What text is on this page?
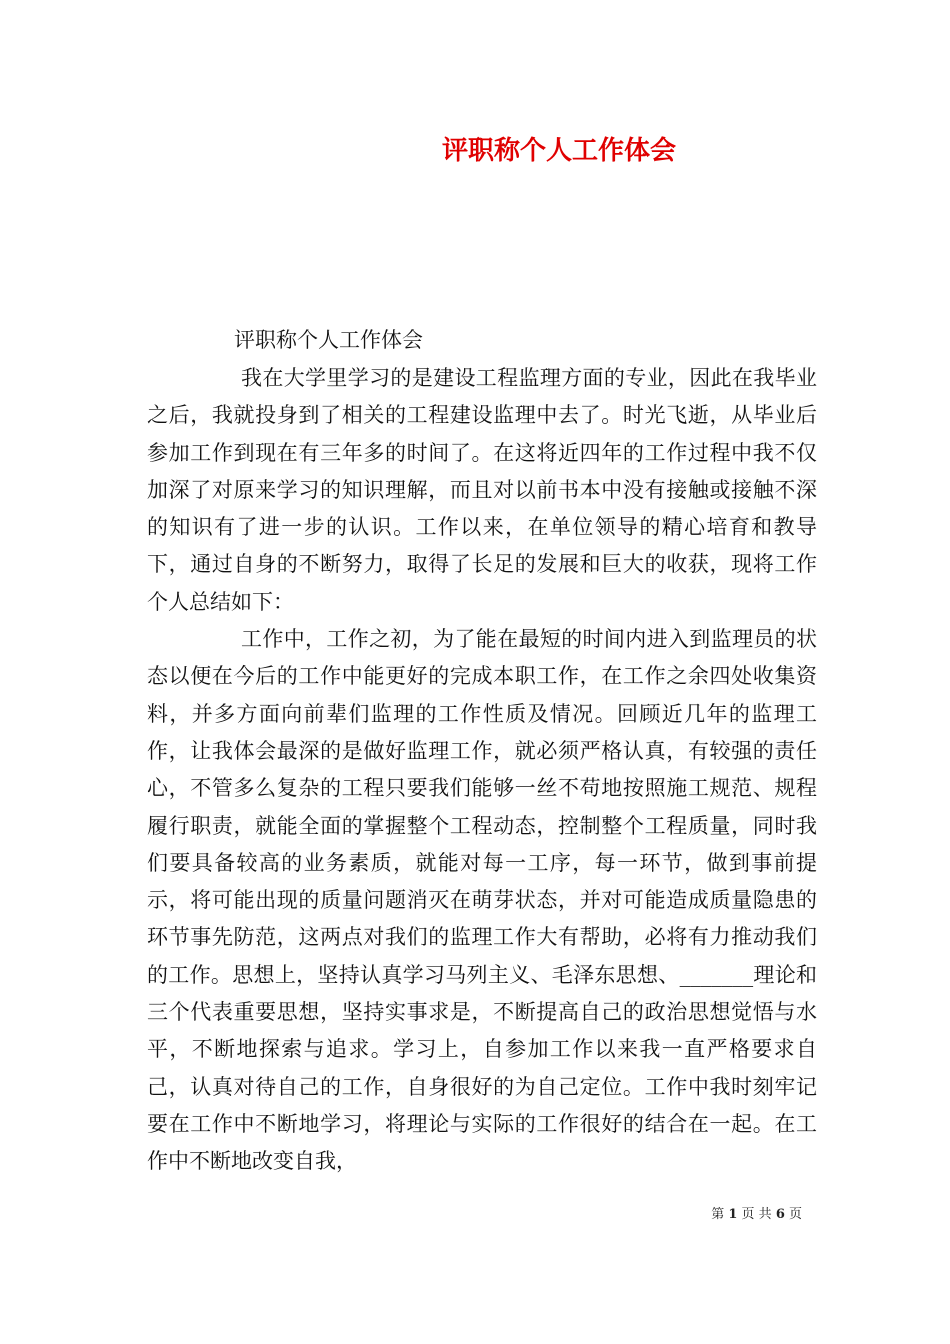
评职称个人工作体会
评职称个人工作体会

我在大学里学习的是建设工程监理方面的专业，因此在我毕业之后，我就投身到了相关的工程建设监理中去了。时光飞逝，从毕业后参加工作到现在有三年多的时间了。在这将近四年的工作过程中我不仅加深了对原来学习的知识理解，而且对以前书本中没有接触或接触不深的知识有了进一步的认识。工作以来，在单位领导的精心培育和教导下，通过自身的不断努力，取得了长足的发展和巨大的收获，现将工作个人总结如下：

工作中，工作之初，为了能在最短的时间内进入到监理员的状态以便在今后的工作中能更好的完成本职工作，在工作之余四处收集资料，并多方面向前辈们监理的工作性质及情况。回顾近几年的监理工作，让我体会最深的是做好监理工作，就必须严格认真，有较强的责任心，不管多么复杂的工程只要我们能够一丝不苟地按照施工规范、规程履行职责，就能全面的掌握整个工程动态，控制整个工程质量，同时我们要具备较高的业务素质，就能对每一工序，每一环节，做到事前提示，将可能出现的质量问题消灭在萌芽状态，并对可能造成质量隐患的环节事先防范，这两点对我们的监理工作大有帮助，必将有力推动我们的工作。思想上，坚持认真学习马列主义、毛泽东思想、_______理论和三个代表重要思想，坚持实事求是，不断提高自己的政治思想觉悟与水平，不断地探索与追求。学习上，自参加工作以来我一直严格要求自己，认真对待自己的工作，自身很好的为自己定位。工作中我时刻牢记要在工作中不断地学习，将理论与实际的工作很好的结合在一起。在工作中不断地改变自我，

第 1 页 共 6 页
